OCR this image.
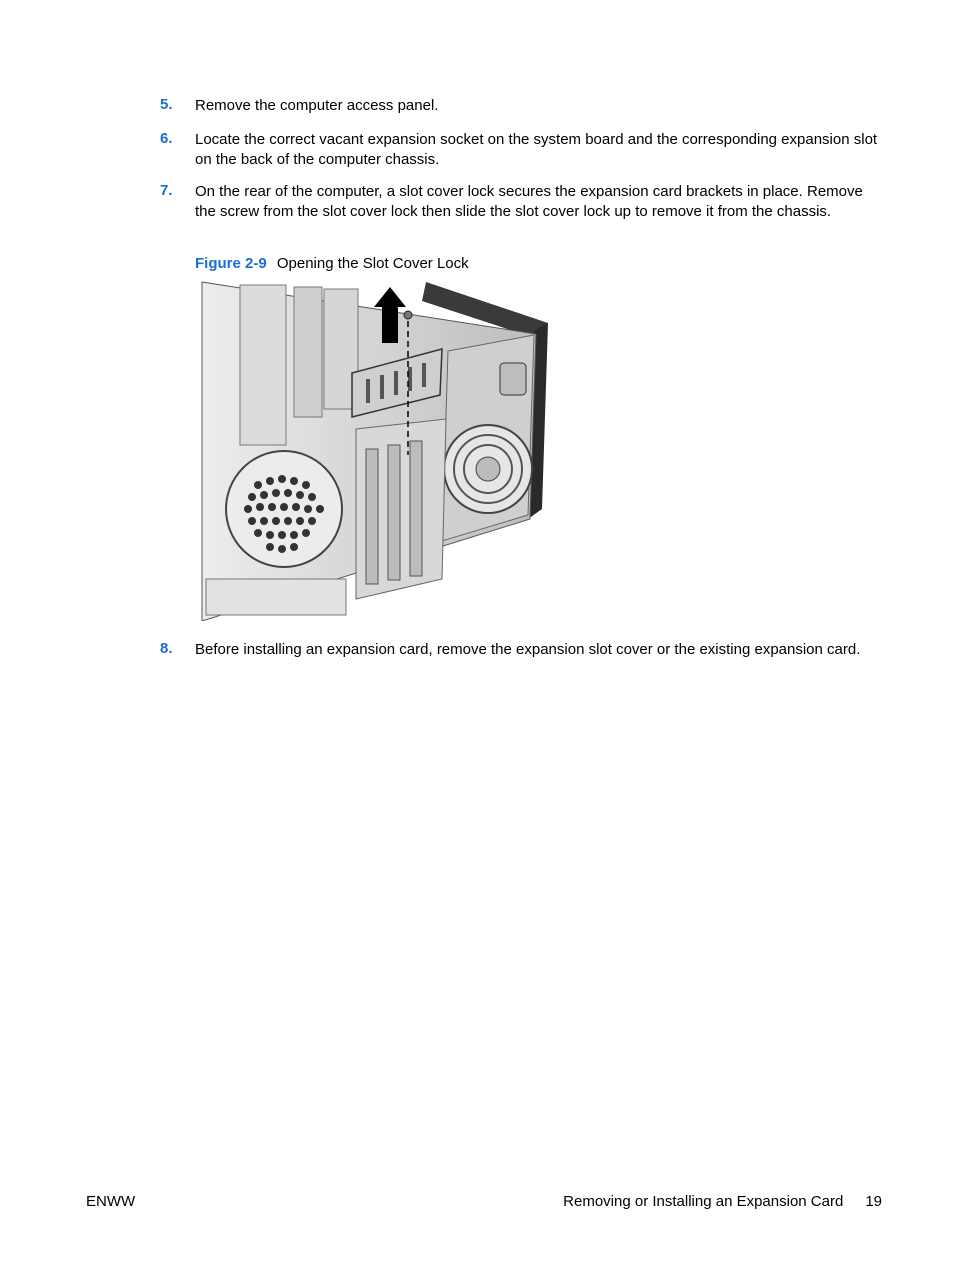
5. Remove the computer access panel.
6. Locate the correct vacant expansion socket on the system board and the corresponding expansion slot on the back of the computer chassis.
7. On the rear of the computer, a slot cover lock secures the expansion card brackets in place. Remove the screw from the slot cover lock then slide the slot cover lock up to remove it from the chassis.
Figure 2-9 Opening the Slot Cover Lock
8. Before installing an expansion card, remove the expansion slot cover or the existing expansion card.
ENWW	Removing or Installing an Expansion Card 19
